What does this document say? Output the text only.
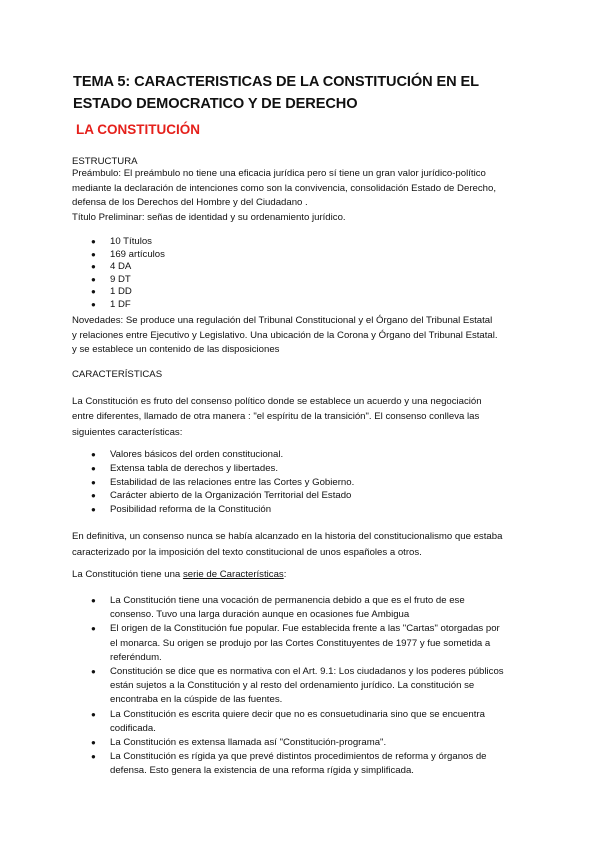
TEMA 5: CARACTERISTICAS DE LA CONSTITUCIÓN EN EL
ESTADO DEMOCRATICO Y DE DERECHO
LA CONSTITUCIÓN
ESTRUCTURA
Preámbulo: El preámbulo no tiene una eficacia jurídica pero sí tiene un gran valor jurídico-político
mediante la declaración de intenciones como son la convivencia, consolidación Estado de Derecho,
defensa de los Derechos del Hombre y del Ciudadano .
Título Preliminar: señas de identidad y su ordenamiento jurídico.
● 10 Títulos
● 169 artículos
● 4 DA
● 9 DT
● 1 DD
● 1 DF
Novedades: Se produce una regulación del Tribunal Constitucional y el Órgano del Tribunal Estatal
y relaciones entre Ejecutivo y Legislativo. Una ubicación de la Corona y Órgano del Tribunal Estatal.
y se establece un contenido de las disposiciones
CARACTERÍSTICAS
La Constitución es fruto del consenso político donde se establece un acuerdo y una negociación
entre diferentes, llamado de otra manera : "el espíritu de la transición". El consenso conlleva las
siguientes características:
● Valores básicos del orden constitucional.
● Extensa tabla de derechos y libertades.
● Estabilidad de las relaciones entre las Cortes y Gobierno.
● Carácter abierto de la Organización Territorial del Estado
● Posibilidad reforma de la Constitución
En definitiva, un consenso nunca se había alcanzado en la historia del constitucionalismo que estaba
caracterizado por la imposición del texto constitucional de unos españoles a otros.
La Constitución tiene una serie de Características:
● La Constitución tiene una vocación de permanencia debido a que es el fruto de ese
consenso. Tuvo una larga duración aunque en ocasiones fue Ambigua
● El origen de la Constitución fue popular. Fue establecida frente a las "Cartas" otorgadas por
el monarca. Su origen se produjo por las Cortes Constituyentes de 1977 y fue sometida a
referéndum.
● Constitución se dice que es normativa con el Art. 9.1: Los ciudadanos y los poderes públicos
están sujetos a la Constitución y al resto del ordenamiento jurídico. La constitución se
encontraba en la cúspide de las fuentes.
● La Constitución es escrita quiere decir que no es consuetudinaria sino que se encuentra
codificada.
● La Constitución es extensa llamada así "Constitución-programa".
● La Constitución es rígida ya que prevé distintos procedimientos de reforma y órganos de
defensa. Esto genera la existencia de una reforma rígida y simplificada.
